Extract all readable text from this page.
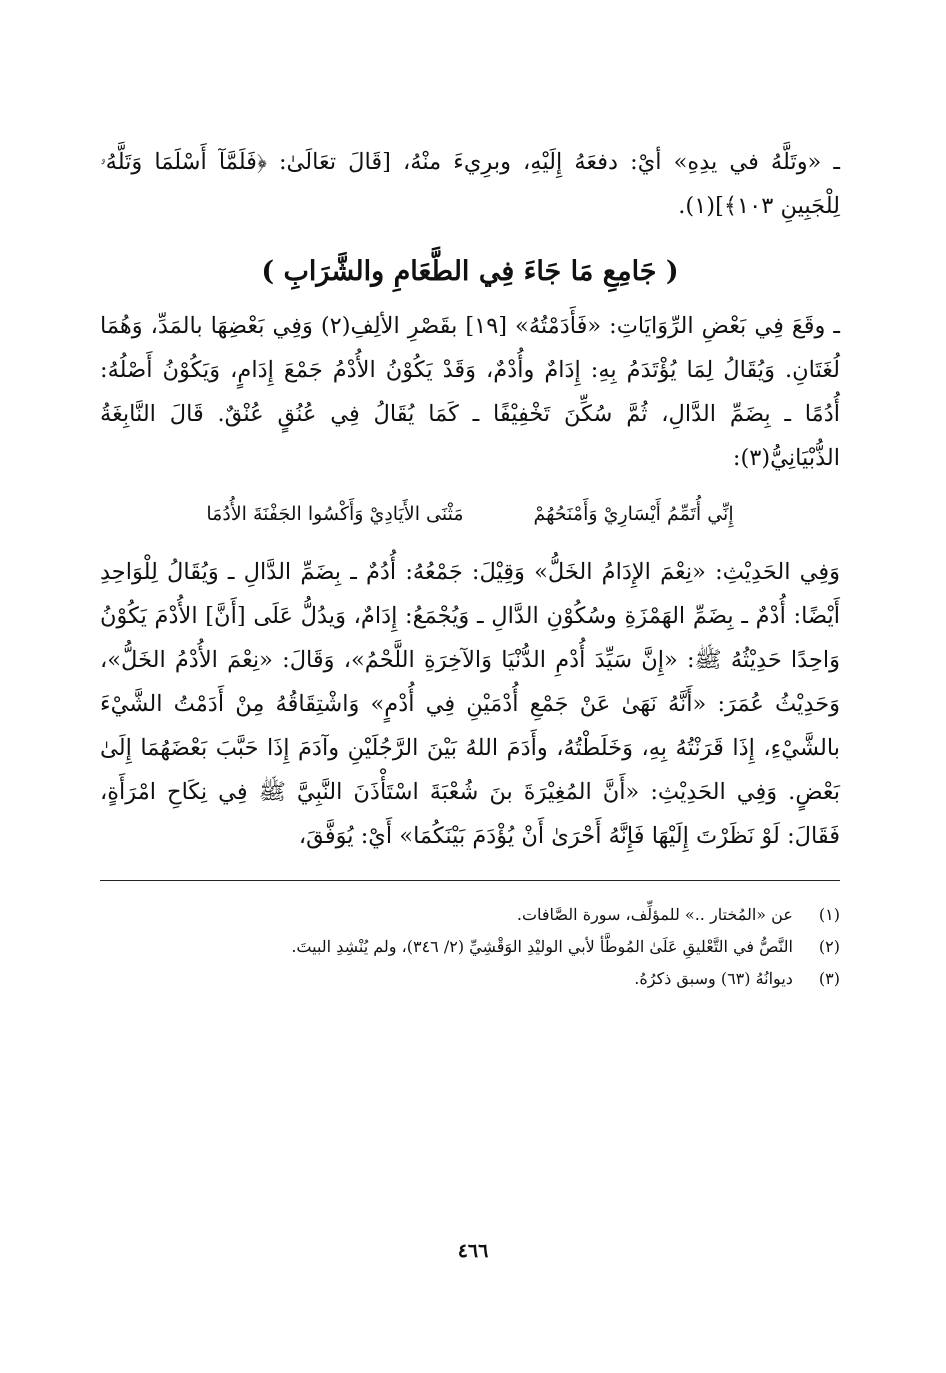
ـ «وتَلَّهُ في يدِهِ» أيْ: دفعَهُ إِلَيْهِ، وبرِيءَ منْهُ، [قَالَ تعَالَىٰ: ﴿فَلَمَّآ أَسْلَمَا وَتَلَّهُۥ لِلْجَبِينِ ١٠٣﴾](١).

( جَامِعِ مَا جَاءَ فِي الطَّعَامِ والشَّرَابِ )

ـ وقَعَ فِي بَعْضِ الرِّوَايَاتِ: «فَأَدَمْتُهُ» [١٩] بقَصْرِ الألِفِ(٢) وَفِي بَعْضِهَا بالمَدِّ، وَهُمَا لُغَتَانِ. وَيُقَالُ لِمَا يُؤْتَدَمُ بِهِ: إِدَامٌ وأُدْمٌ، وَقَدْ يَكُوْنُ الأُدْمُ جَمْعَ إِدَامٍ، وَيَكُوْنُ أَصْلُهُ: أُدُمًا ـ بِضَمِّ الدَّالِ، ثُمَّ سُكِّنَ تَخْفِيْفًا ـ كَمَا يُقَالُ فِي عُنُقٍ عُنْقٌ. قَالَ النَّابِغَةُ الذُّبْيَانِيُّ(٣):

إِنِّي أُتَمِّمُ أَيْسَارِيْ وَأَمْنَحُهُمْ
مَثْنَى الأَيَادِيْ وَأَكْسُوا الجَفْنَةَ الأُدُمَا

وَفِي الحَدِيْثِ: «نِعْمَ الإِدَامُ الخَلُّ» وَقِيْلَ: جَمْعُهُ: أُدُمٌ ـ بِضَمِّ الدَّالِ ـ وَيُقَالُ لِلْوَاحِدِ أَيْضًا: أُدْمٌ ـ بِضَمِّ الهَمْزَةِ وسُكُوْنِ الدَّالِ ـ وَيُجْمَعُ: إِدَامٌ، وَيدُلُّ عَلَى [أَنَّ] الأُدْمَ يَكُوْنُ وَاحِدًا حَدِيْثُهُ ﷺ: «إِنَّ سَيِّدَ أُدْمِ الدُّنْيَا وَالآخِرَةِ اللَّحْمُ»، وَقَالَ: «نِعْمَ الأُدْمُ الخَلُّ»، وَحَدِيْثُ عُمَرَ: «أَنَّهُ نَهَىٰ عَنْ جَمْعِ أُدْمَيْنِ فِي أُدْمٍ» وَاشْتِقَاقُهُ مِنْ أَدَمْتُ الشَّيْءَ بالشَّيْءِ، إِذَا قَرَنْتُهُ بِهِ، وَخَلَطْتُهُ، وأَدَمَ اللهُ بَيْنَ الرَّجُلَيْنِ وآدَمَ إِذَا حَبَّبَ بَعْضَهُمَا إِلَىٰ بَعْضٍ. وَفِي الحَدِيْثِ: «أَنَّ المُغِيْرَةَ بنَ شُعْبَةَ اسْتَأْذَنَ النَّبِيَّ ﷺ فِي نِكَاحِ امْرَأَةٍ، فَقَالَ: لَوْ نَظَرْتَ إِلَيْهَا فَإِنَّهُ أَحْرَىٰ أَنْ يُؤْدَمَ بَيْنَكُمَا» أَيْ: يُوَفَّقَ،

(١)
عن «المُختار ..» للمؤلِّف، سورة الصَّافات.

(٢)
النَّصُّ في التَّعْليقِ عَلَىٰ المُوطَّأ لأبي الوليْدِ الوَقْشِيِّ (٢/ ٣٤٦)، ولم يُنْشِدِ البيتَ.

(٣)
ديوانُهُ (٦٣) وسبق ذكرُهُ.

٤٦٦
